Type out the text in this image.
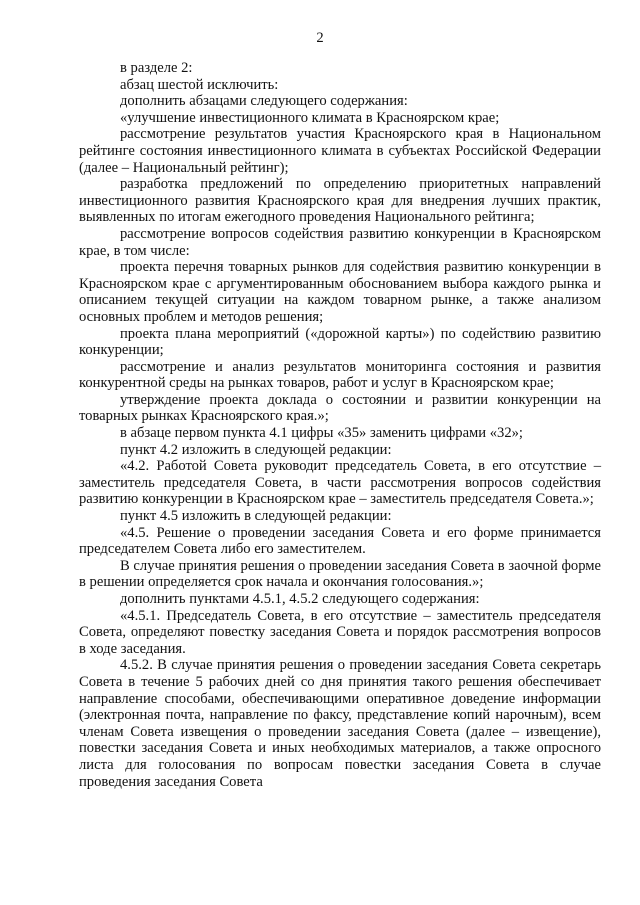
2

в разделе 2:

абзац шестой исключить:

дополнить абзацами следующего содержания:

«улучшение инвестиционного климата в Красноярском крае;

рассмотрение результатов участия Красноярского края в Национальном рейтинге состояния инвестиционного климата в субъектах Российской Федерации (далее – Национальный рейтинг);

разработка предложений по определению приоритетных направлений инвестиционного развития Красноярского края для внедрения лучших практик, выявленных по итогам ежегодного проведения Национального рейтинга;

рассмотрение вопросов содействия развитию конкуренции в Красноярском крае, в том числе:

проекта перечня товарных рынков для содействия развитию конкуренции в Красноярском крае с аргументированным обоснованием выбора каждого рынка и описанием текущей ситуации на каждом товарном рынке, а также анализом основных проблем и методов решения;

проекта плана мероприятий («дорожной карты») по содействию развитию конкуренции;

рассмотрение и анализ результатов мониторинга состояния и развития конкурентной среды на рынках товаров, работ и услуг в Красноярском крае;

утверждение проекта доклада о состоянии и развитии конкуренции на товарных рынках Красноярского края.»;

в абзаце первом пункта 4.1 цифры «35» заменить цифрами «32»;

пункт 4.2 изложить в следующей редакции:

«4.2. Работой Совета руководит председатель Совета, в его отсутствие – заместитель председателя Совета, в части рассмотрения вопросов содействия развитию конкуренции в Красноярском крае – заместитель председателя Совета.»;

пункт 4.5 изложить в следующей редакции:

«4.5. Решение о проведении заседания Совета и его форме принимается председателем Совета либо его заместителем.

В случае принятия решения о проведении заседания Совета в заочной форме в решении определяется срок начала и окончания голосования.»;

дополнить пунктами 4.5.1, 4.5.2 следующего содержания:

«4.5.1. Председатель Совета, в его отсутствие – заместитель председателя Совета, определяют повестку заседания Совета и порядок рассмотрения вопросов в ходе заседания.

4.5.2. В случае принятия решения о проведении заседания Совета секретарь Совета в течение 5 рабочих дней со дня принятия такого решения обеспечивает направление способами, обеспечивающими оперативное доведение информации (электронная почта, направление по факсу, представление копий нарочным), всем членам Совета извещения о проведении заседания Совета (далее – извещение), повестки заседания Совета и иных необходимых материалов, а также опросного листа для голосования по вопросам повестки заседания Совета в случае проведения заседания Совета
